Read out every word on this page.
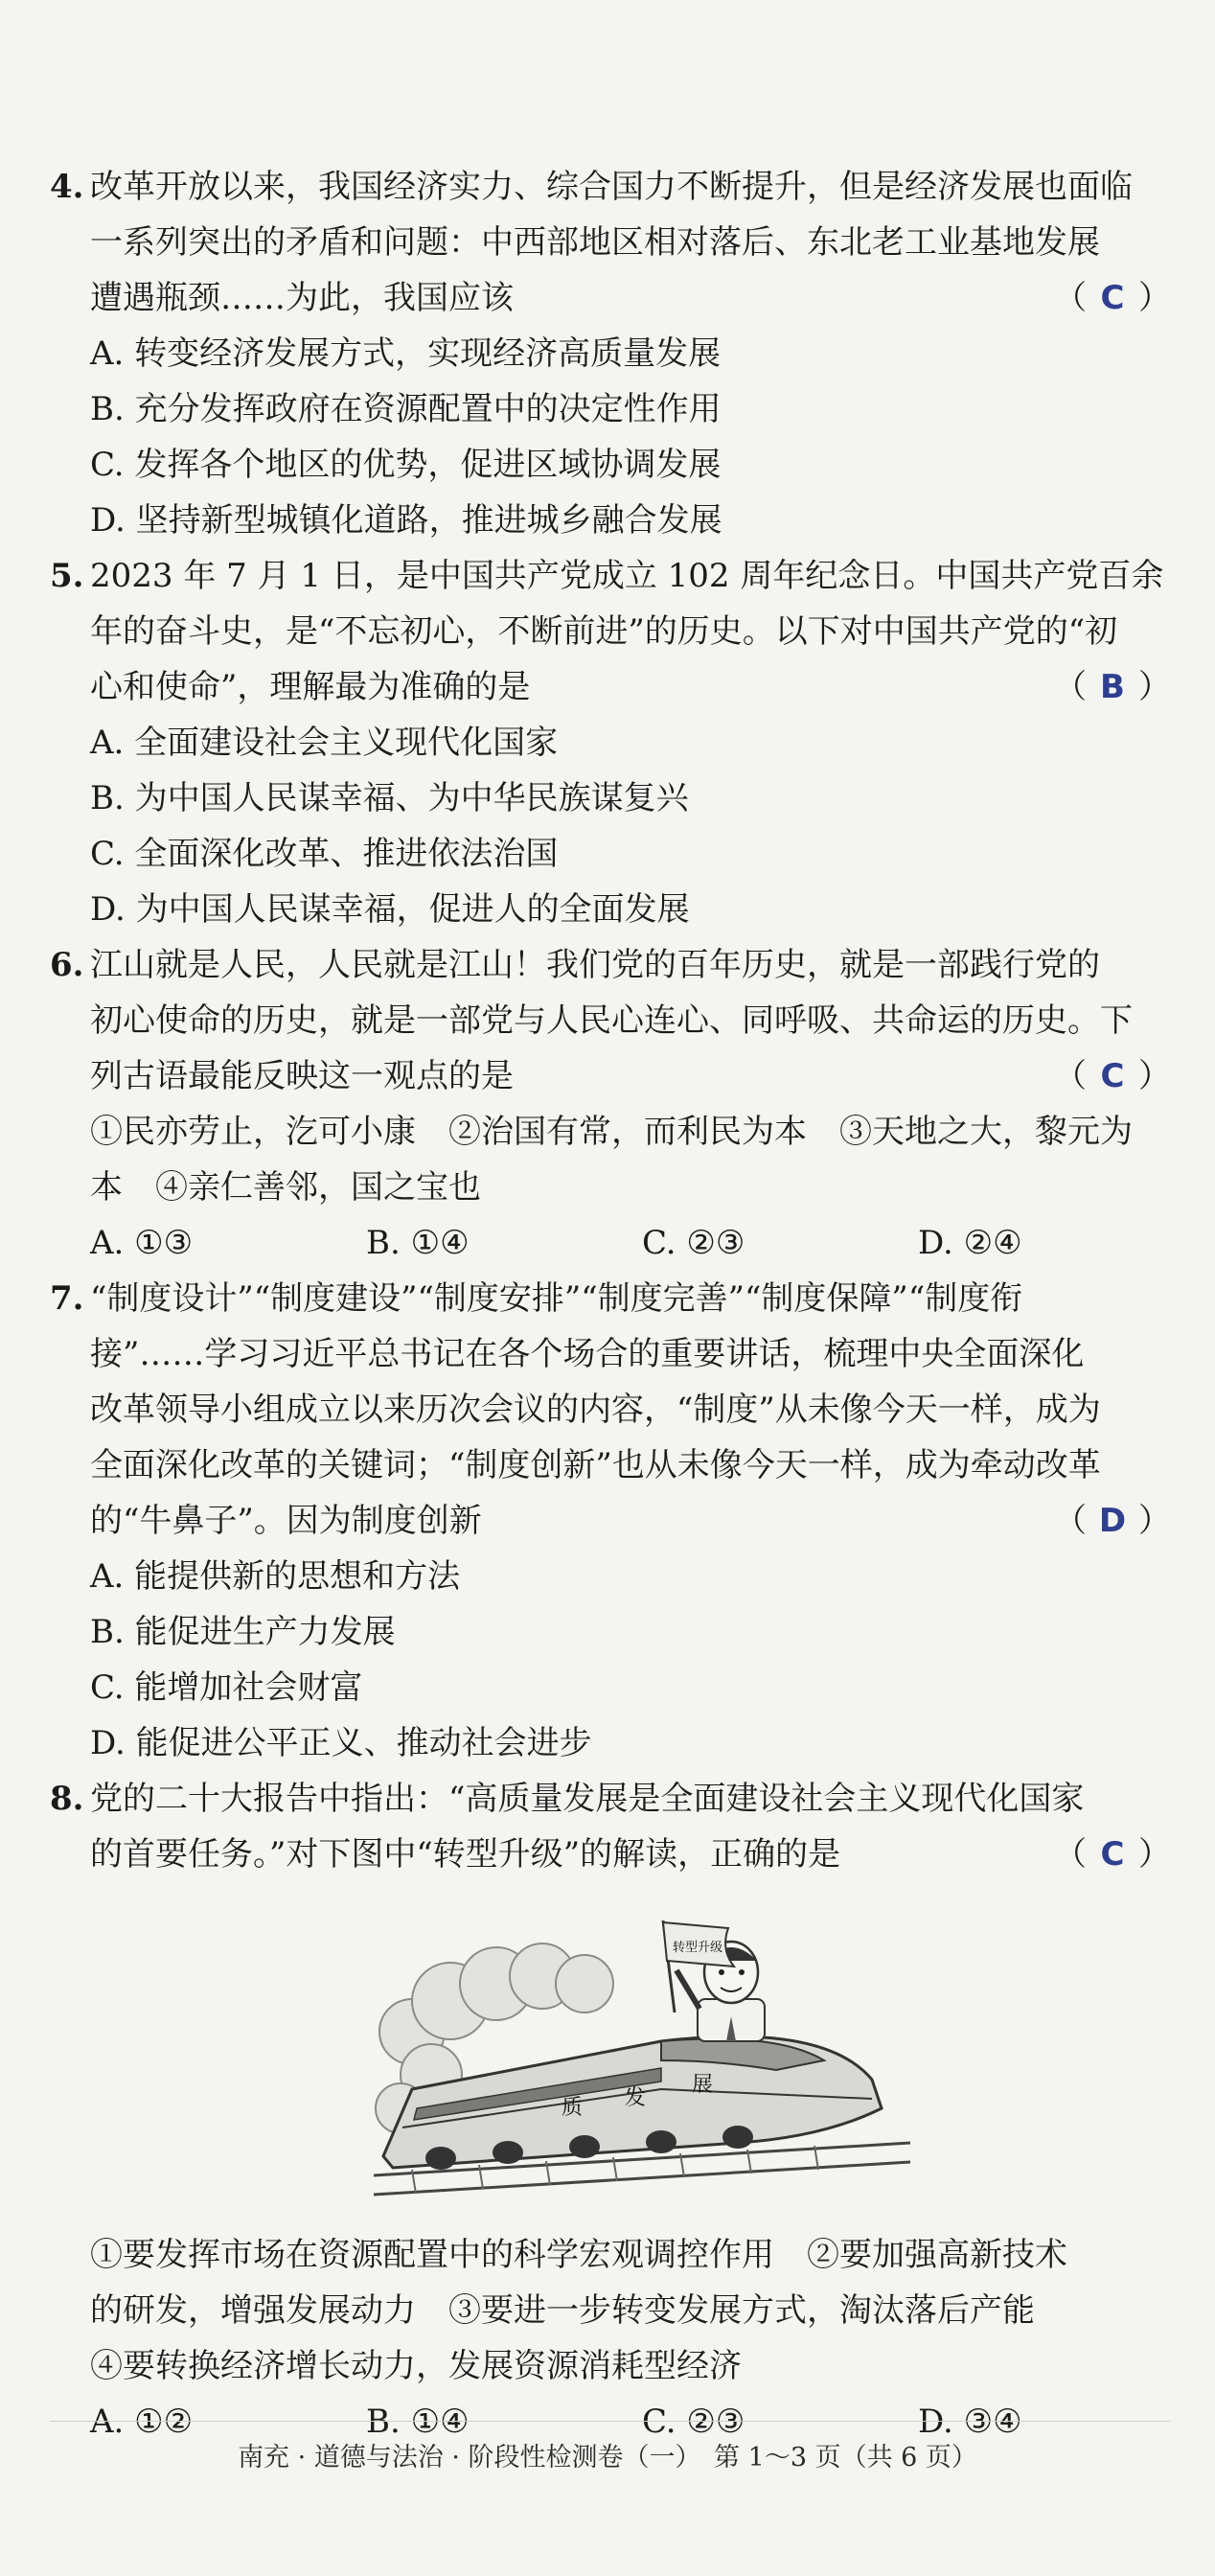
4. 改革开放以来，我国经济实力、综合国力不断提升，但是经济发展也面临
一系列突出的矛盾和问题：中西部地区相对落后、东北老工业基地发展
遭遇瓶颈……为此，我国应该	（ C ）
A. 转变经济发展方式，实现经济高质量发展
B. 充分发挥政府在资源配置中的决定性作用
C. 发挥各个地区的优势，促进区域协调发展
D. 坚持新型城镇化道路，推进城乡融合发展
5. 2023 年 7 月 1 日，是中国共产党成立 102 周年纪念日。中国共产党百余
年的奋斗史，是“不忘初心，不断前进”的历史。以下对中国共产党的“初
心和使命”，理解最为准确的是	（ B ）
A. 全面建设社会主义现代化国家
B. 为中国人民谋幸福、为中华民族谋复兴
C. 全面深化改革、推进依法治国
D. 为中国人民谋幸福，促进人的全面发展
6. 江山就是人民，人民就是江山！我们党的百年历史，就是一部践行党的
初心使命的历史，就是一部党与人民心连心、同呼吸、共命运的历史。下
列古语最能反映这一观点的是	（ C ）
①民亦劳止，汔可小康　②治国有常，而利民为本　③天地之大，黎元为
本　④亲仁善邻，国之宝也
A. ①③	B. ①④	C. ②③	D. ②④
7. “制度设计”“制度建设”“制度安排”“制度完善”“制度保障”“制度衔
接”……学习习近平总书记在各个场合的重要讲话，梳理中央全面深化
改革领导小组成立以来历次会议的内容，“制度”从未像今天一样，成为
全面深化改革的关键词；“制度创新”也从未像今天一样，成为牵动改革
的“牛鼻子”。因为制度创新	（ D ）
A. 能提供新的思想和方法
B. 能促进生产力发展
C. 能增加社会财富
D. 能促进公平正义、推动社会进步
8. 党的二十大报告中指出：“高质量发展是全面建设社会主义现代化国家
的首要任务。”对下图中“转型升级”的解读，正确的是	（ C ）
展
发
质
转型升级
①要发挥市场在资源配置中的科学宏观调控作用　②要加强高新技术
的研发，增强发展动力　③要进一步转变发展方式，淘汰落后产能
④要转换经济增长动力，发展资源消耗型经济
A. ①②	B. ①④	C. ②③	D. ③④
南充 · 道德与法治 · 阶段性检测卷（一）　第 1～3 页（共 6 页）
